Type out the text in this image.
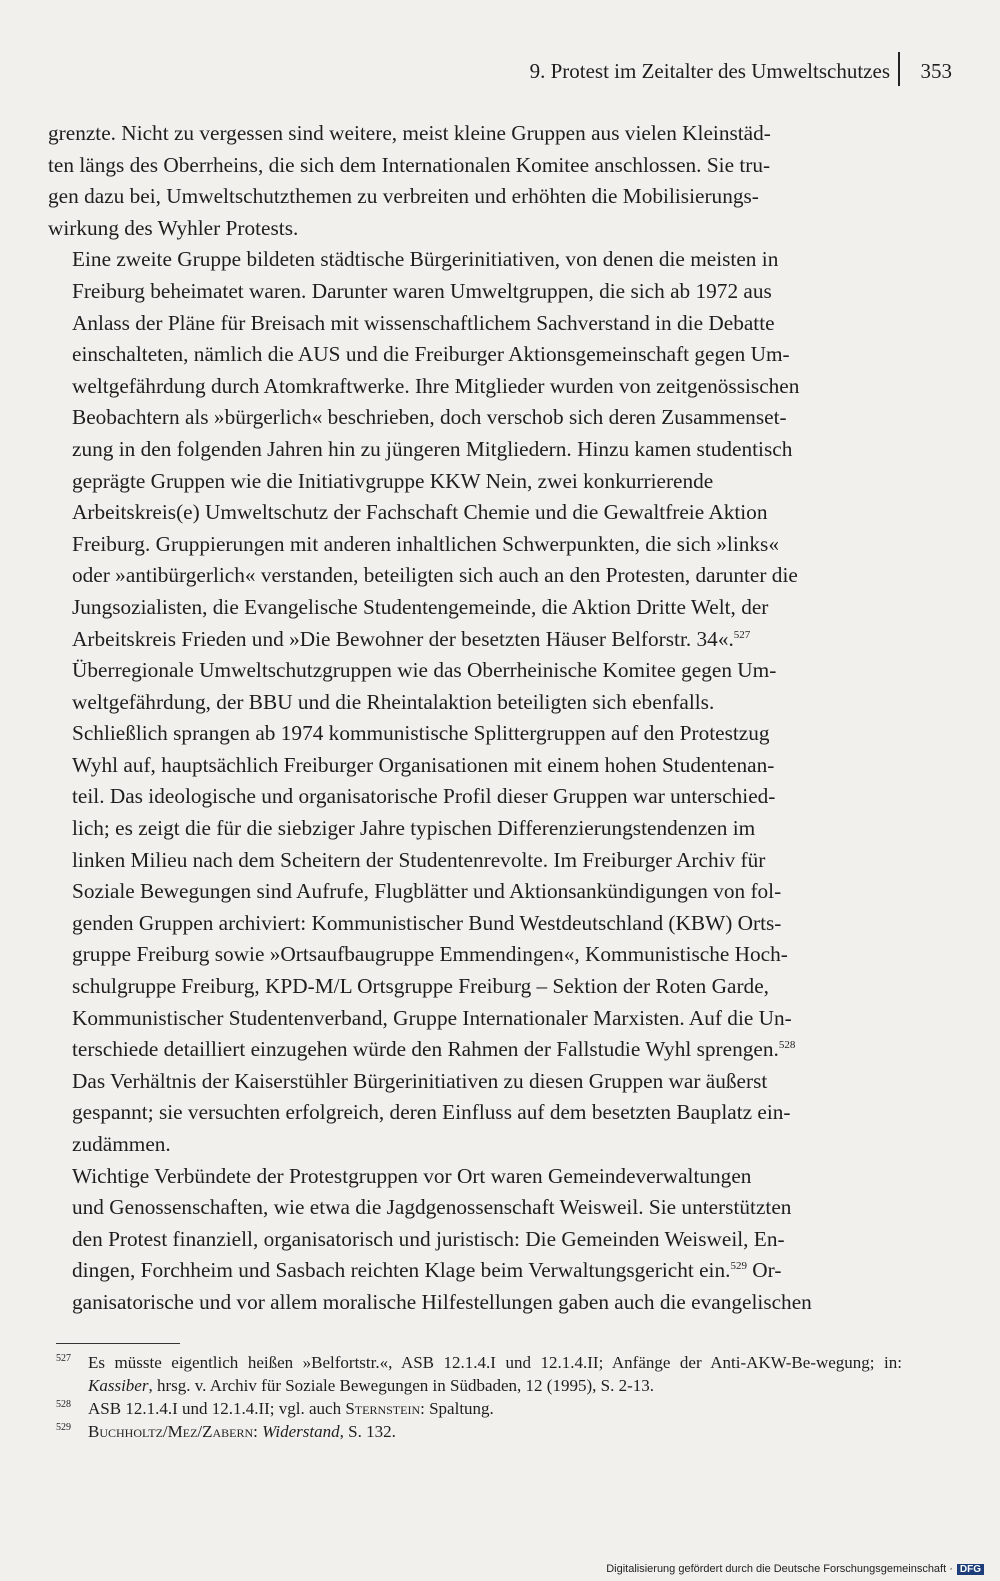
9. Protest im Zeitalter des Umweltschutzes 353
grenzte. Nicht zu vergessen sind weitere, meist kleine Gruppen aus vielen Kleinstäd-
ten längs des Oberrheins, die sich dem Internationalen Komitee anschlossen. Sie tru-
gen dazu bei, Umweltschutzthemen zu verbreiten und erhöhten die Mobilisierungs-
wirkung des Wyhler Protests.
Eine zweite Gruppe bildeten städtische Bürgerinitiativen, von denen die meisten in
Freiburg beheimatet waren. Darunter waren Umweltgruppen, die sich ab 1972 aus
Anlass der Pläne für Breisach mit wissenschaftlichem Sachverstand in die Debatte
einschalteten, nämlich die AUS und die Freiburger Aktionsgemeinschaft gegen Um-
weltgefährdung durch Atomkraftwerke. Ihre Mitglieder wurden von zeitgenössischen
Beobachtern als »bürgerlich« beschrieben, doch verschob sich deren Zusammenset-
zung in den folgenden Jahren hin zu jüngeren Mitgliedern. Hinzu kamen studentisch
geprägte Gruppen wie die Initiativgruppe KKW Nein, zwei konkurrierende
Arbeitskreis(e) Umweltschutz der Fachschaft Chemie und die Gewaltfreie Aktion
Freiburg. Gruppierungen mit anderen inhaltlichen Schwerpunkten, die sich »links«
oder »antibürgerlich« verstanden, beteiligten sich auch an den Protesten, darunter die
Jungsozialisten, die Evangelische Studentengemeinde, die Aktion Dritte Welt, der
Arbeitskreis Frieden und »Die Bewohner der besetzten Häuser Belforstr. 34«.$^{527}$
Überregionale Umweltschutzgruppen wie das Oberrheinische Komitee gegen Um-
weltgefährdung, der BBU und die Rheintalaktion beteiligten sich ebenfalls.
Schließlich sprangen ab 1974 kommunistische Splittergruppen auf den Protestzug
Wyhl auf, hauptsächlich Freiburger Organisationen mit einem hohen Studentenan-
teil. Das ideologische und organisatorische Profil dieser Gruppen war unterschied-
lich; es zeigt die für die siebziger Jahre typischen Differenzierungstendenzen im
linken Milieu nach dem Scheitern der Studentenrevolte. Im Freiburger Archiv für
Soziale Bewegungen sind Aufrufe, Flugblätter und Aktionsankündigungen von fol-
genden Gruppen archiviert: Kommunistischer Bund Westdeutschland (KBW) Orts-
gruppe Freiburg sowie »Ortsaufbaugruppe Emmendingen«, Kommunistische Hoch-
schulgruppe Freiburg, KPD-M/L Ortsgruppe Freiburg – Sektion der Roten Garde,
Kommunistischer Studentenverband, Gruppe Internationaler Marxisten. Auf die Un-
terschiede detailliert einzugehen würde den Rahmen der Fallstudie Wyhl sprengen.$^{528}$
Das Verhältnis der Kaiserstühler Bürgerinitiativen zu diesen Gruppen war äußerst
gespannt; sie versuchten erfolgreich, deren Einfluss auf dem besetzten Bauplatz ein-
zudämmen.
Wichtige Verbündete der Protestgruppen vor Ort waren Gemeindeverwaltungen
und Genossenschaften, wie etwa die Jagdgenossenschaft Weisweil. Sie unterstützten
den Protest finanziell, organisatorisch und juristisch: Die Gemeinden Weisweil, En-
dingen, Forchheim und Sasbach reichten Klage beim Verwaltungsgericht ein.$^{529}$ Or-
ganisatorische und vor allem moralische Hilfestellungen gaben auch die evangelischen
527 Es müsste eigentlich heißen »Belfortstr.«, ASB 12.1.4.I und 12.1.4.II; Anfänge der Anti-AKW-Be-wegung; in: Kassiber, hrsg. v. Archiv für Soziale Bewegungen in Südbaden, 12 (1995), S. 2-13.
528 ASB 12.1.4.I und 12.1.4.II; vgl. auch Sternstein: Spaltung.
529 Buchholtz/Mez/Zabern: Widerstand, S. 132.
Digitalisierung gefördert durch die Deutsche Forschungsgemeinschaft · DFG
